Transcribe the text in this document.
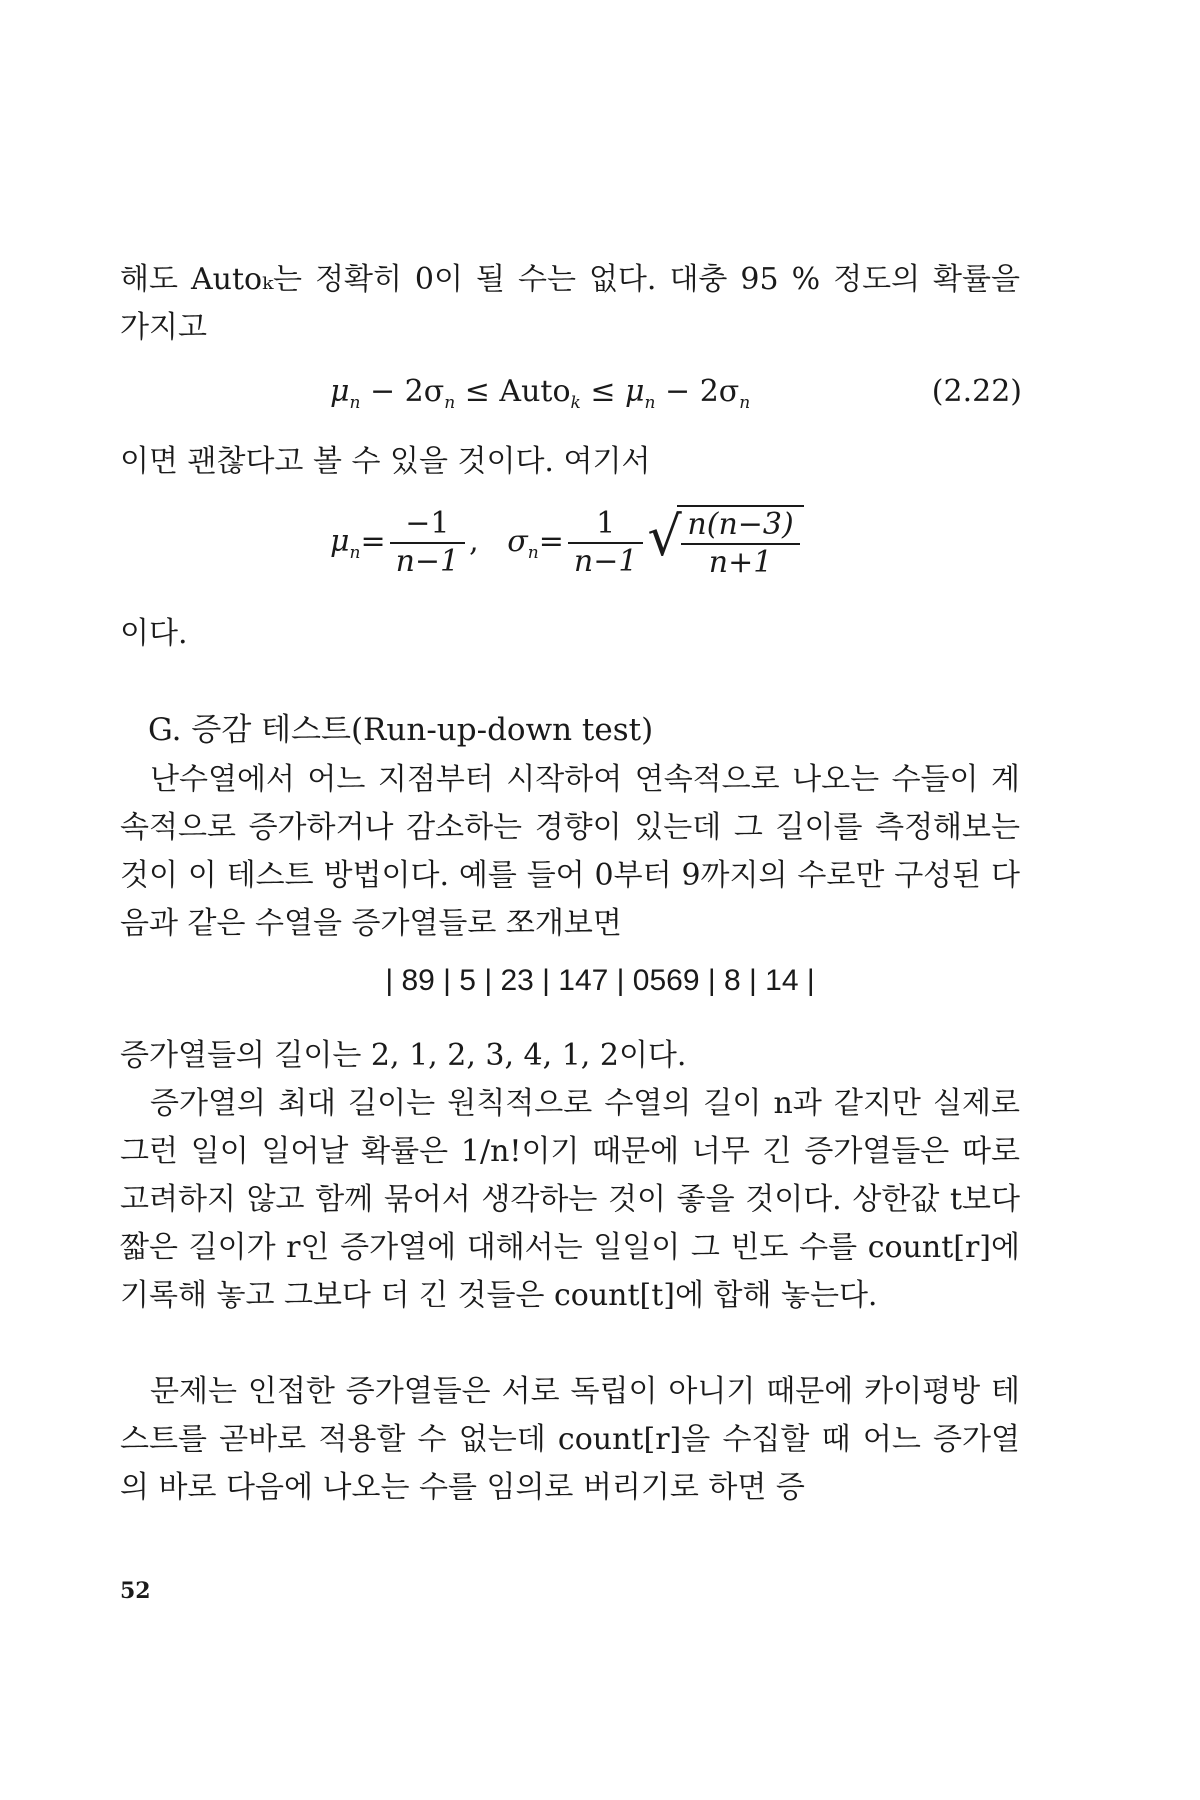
해도 Autoₖ는 정확히 0이 될 수는 없다. 대충 95 % 정도의 확률을 가지고

$\mu_n - 2\sigma_n$ ≤ Auto$_k$ ≤ $\mu_n - 2\sigma_n$	(2.22)

이면 괜찮다고 볼 수 있을 것이다. 여기서

$\mu_n= \frac{-1}{n-1}$ , $\sigma_n= \frac{1}{n-1}$ √ $\frac{n(n-3)}{n+1}$

이다.

G. 증감 테스트(Run-up-down test)

난수열에서 어느 지점부터 시작하여 연속적으로 나오는 수들이 계속적으로 증가하거나 감소하는 경향이 있는데 그 길이를 측정해보는 것이 이 테스트 방법이다. 예를 들어 0부터 9까지의 수로만 구성된 다음과 같은 수열을 증가열들로 쪼개보면

| 89 | 5 | 23 | 147 | 0569 | 8 | 14 |

증가열들의 길이는 2, 1, 2, 3, 4, 1, 2이다.

증가열의 최대 길이는 원칙적으로 수열의 길이 n과 같지만 실제로 그런 일이 일어날 확률은 1/n!이기 때문에 너무 긴 증가열들은 따로 고려하지 않고 함께 묶어서 생각하는 것이 좋을 것이다. 상한값 t보다 짧은 길이가 r인 증가열에 대해서는 일일이 그 빈도 수를 count[r]에 기록해 놓고 그보다 더 긴 것들은 count[t]에 합해 놓는다.

문제는 인접한 증가열들은 서로 독립이 아니기 때문에 카이평방 테스트를 곧바로 적용할 수 없는데 count[r]을 수집할 때 어느 증가열의 바로 다음에 나오는 수를 임의로 버리기로 하면 증

52
